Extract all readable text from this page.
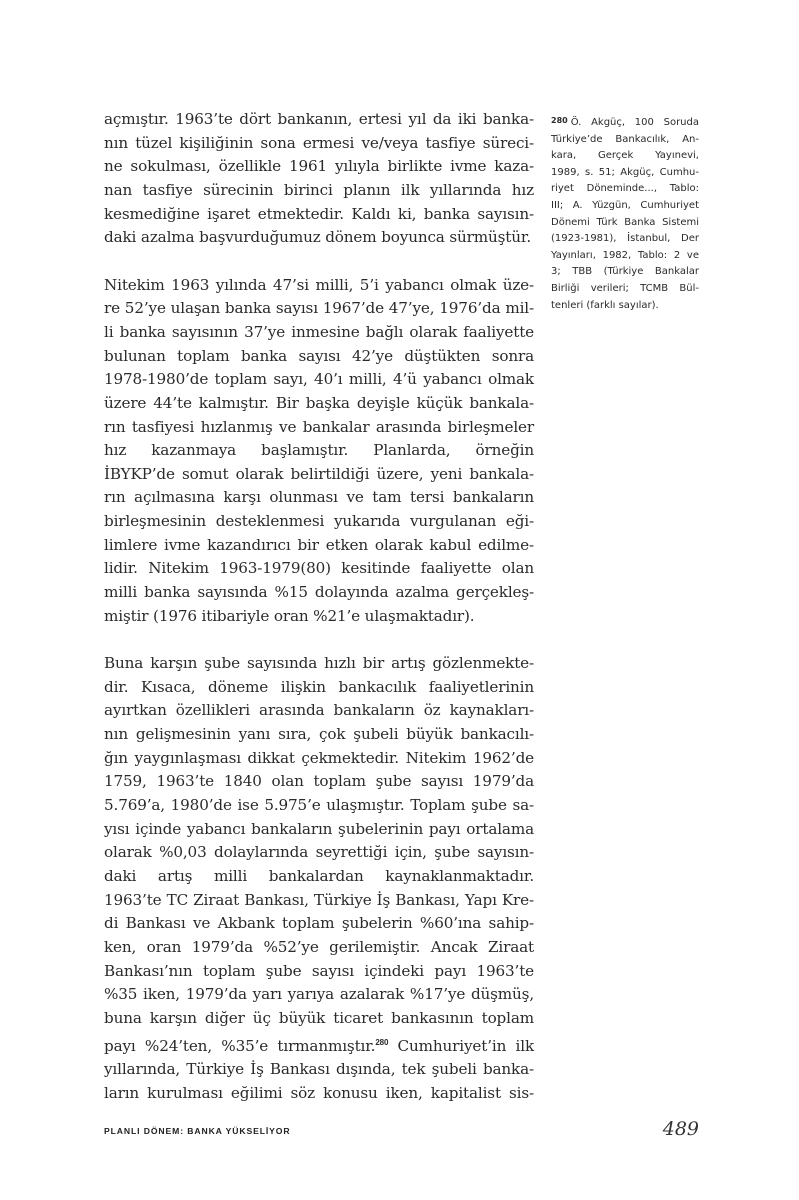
açmıştır. 1963’te dört bankanın, ertesi yıl da iki banka-
nın tüzel kişiliğinin sona ermesi ve/veya tasfiye süreci-
ne sokulması, özellikle 1961 yılıyla birlikte ivme kaza-
nan tasfiye sürecinin birinci planın ilk yıllarında hız
kesmediğine işaret etmektedir. Kaldı ki, banka sayısın-
daki azalma başvurduğumuz dönem boyunca sürmüştür.

Nitekim 1963 yılında 47’si milli, 5’i yabancı olmak üze-
re 52’ye ulaşan banka sayısı 1967’de 47’ye, 1976’da mil-
li banka sayısının 37’ye inmesine bağlı olarak faaliyette
bulunan toplam banka sayısı 42’ye düştükten sonra
1978-1980’de toplam sayı, 40’ı milli, 4’ü yabancı olmak
üzere 44’te kalmıştır. Bir başka deyişle küçük bankala-
rın tasfiyesi hızlanmış ve bankalar arasında birleşmeler
hız kazanmaya başlamıştır. Planlarda, örneğin
İBYKP’de somut olarak belirtildiği üzere, yeni bankala-
rın açılmasına karşı olunması ve tam tersi bankaların
birleşmesinin desteklenmesi yukarıda vurgulanan eği-
limlere ivme kazandırıcı bir etken olarak kabul edilme-
lidir. Nitekim 1963-1979(80) kesitinde faaliyette olan
milli banka sayısında %15 dolayında azalma gerçekleş-
miştir (1976 itibariyle oran %21’e ulaşmaktadır).

Buna karşın şube sayısında hızlı bir artış gözlenmekte-
dir. Kısaca, döneme ilişkin bankacılık faaliyetlerinin
ayırtkan özellikleri arasında bankaların öz kaynakları-
nın gelişmesinin yanı sıra, çok şubeli büyük bankacılı-
ğın yaygınlaşması dikkat çekmektedir. Nitekim 1962’de
1759, 1963’te 1840 olan toplam şube sayısı 1979’da
5.769’a, 1980’de ise 5.975’e ulaşmıştır. Toplam şube sa-
yısı içinde yabancı bankaların şubelerinin payı ortalama
olarak %0,03 dolaylarında seyrettiği için, şube sayısın-
daki artış milli bankalardan kaynaklanmaktadır.
1963’te TC Ziraat Bankası, Türkiye İş Bankası, Yapı Kre-
di Bankası ve Akbank toplam şubelerin %60’ına sahip-
ken, oran 1979’da %52’ye gerilemiştir. Ancak Ziraat
Bankası’nın toplam şube sayısı içindeki payı 1963’te
%35 iken, 1979’da yarı yarıya azalarak %17’ye düşmüş,
buna karşın diğer üç büyük ticaret bankasının toplam
payı %24’ten, %35’e tırmanmıştır.$^{280}$ Cumhuriyet’in ilk
yıllarında, Türkiye İş Bankası dışında, tek şubeli banka-
ların kurulması eğilimi söz konusu iken, kapitalist sis-

$^{280}$ Ö. Akgüç, 100 Soruda
Türkiye’de Bankacılık, An-
kara, Gerçek Yayınevi,
1989, s. 51; Akgüç, Cumhu-
riyet Döneminde..., Tablo:
III; A. Yüzgün, Cumhuriyet
Dönemi Türk Banka Sistemi
(1923-1981), İstanbul, Der
Yayınları, 1982, Tablo: 2 ve
3; TBB (Türkiye Bankalar
Birliği verileri; TCMB Bül-
tenleri (farklı sayılar).
PLANLI DÖNEM: BANKA YÜKSELİYOR	489
